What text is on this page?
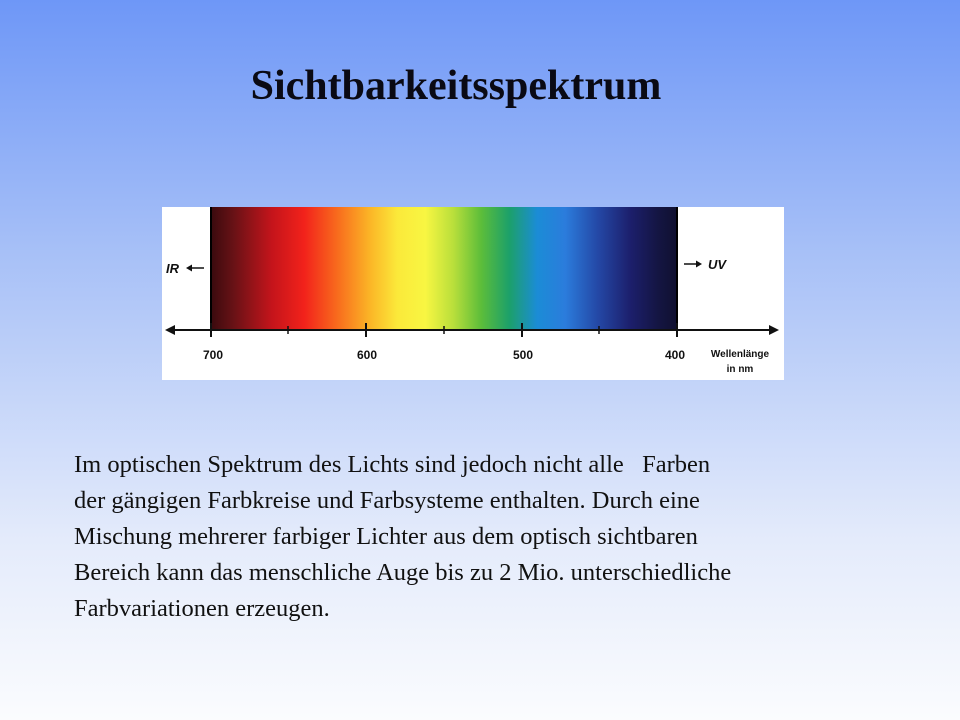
Sichtbarkeitsspektrum
IR	UV
700	600	500	400	Wellenlänge
in nm

Im optischen Spektrum des Lichts sind jedoch nicht alle   Farben

der gängigen Farbkreise und Farbsysteme enthalten. Durch eine

Mischung mehrerer farbiger Lichter aus dem optisch sichtbaren

Bereich kann das menschliche Auge bis zu 2 Mio. unterschiedliche

Farbvariationen erzeugen.
